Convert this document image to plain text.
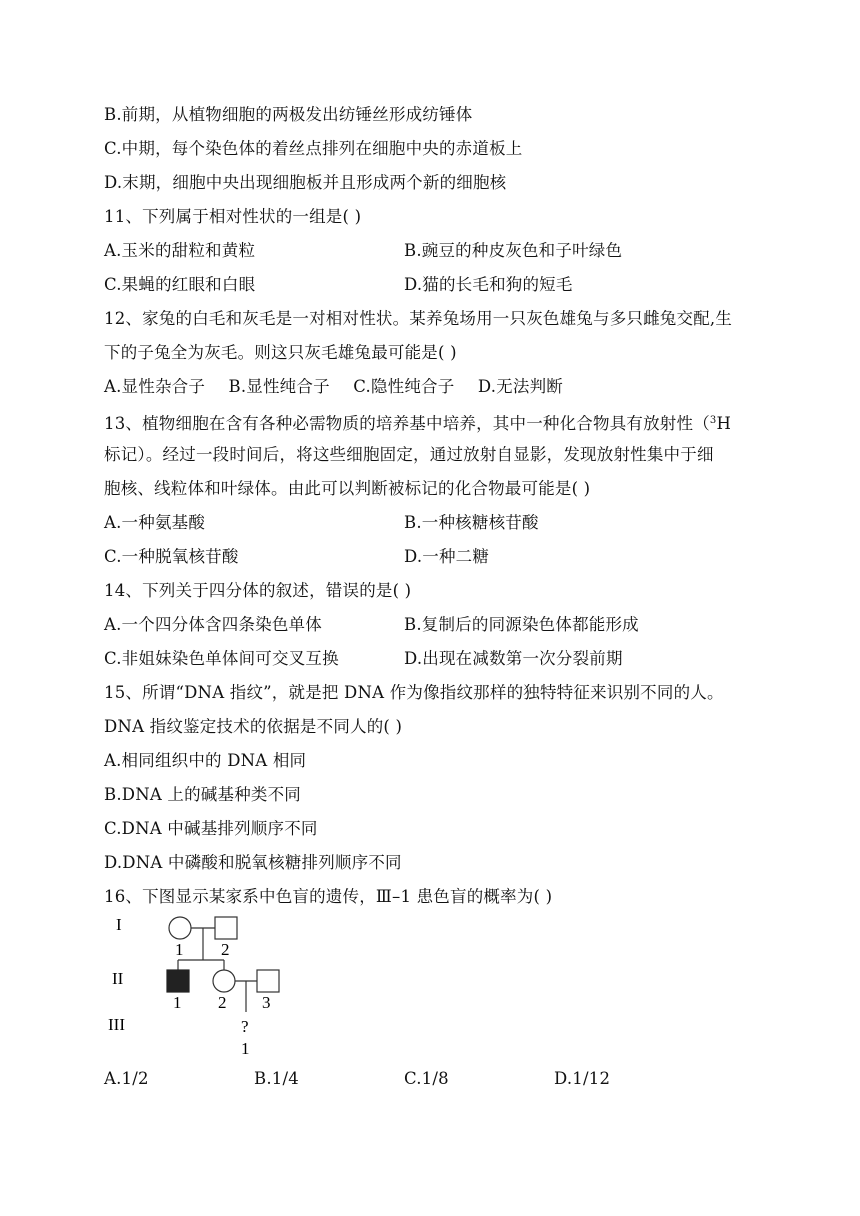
B.前期，从植物细胞的两极发出纺锤丝形成纺锤体
C.中期，每个染色体的着丝点排列在细胞中央的赤道板上
D.末期，细胞中央出现细胞板并且形成两个新的细胞核
11、下列属于相对性状的一组是( )
A.玉米的甜粒和黄粒	B.豌豆的种皮灰色和子叶绿色
C.果蝇的红眼和白眼	D.猫的长毛和狗的短毛
12、家兔的白毛和灰毛是一对相对性状。某养兔场用一只灰色雄兔与多只雌兔交配,生
下的子兔全为灰毛。则这只灰毛雄兔最可能是( )
A.显性杂合子 B.显性纯合子 C.隐性纯合子 D.无法判断
13、植物细胞在含有各种必需物质的培养基中培养，其中一种化合物具有放射性（$^3$H
标记）。经过一段时间后，将这些细胞固定，通过放射自显影，发现放射性集中于细
胞核、线粒体和叶绿体。由此可以判断被标记的化合物最可能是( )
A.一种氨基酸	B.一种核糖核苷酸
C.一种脱氧核苷酸	D.一种二糖
14、下列关于四分体的叙述，错误的是( )
A.一个四分体含四条染色单体	B.复制后的同源染色体都能形成
C.非姐妹染色单体间可交叉互换	D.出现在减数第一次分裂前期
15、所谓“DNA 指纹”，就是把 DNA 作为像指纹那样的独特特征来识别不同的人。
DNA 指纹鉴定技术的依据是不同人的( )
A.相同组织中的 DNA 相同
B.DNA 上的碱基种类不同
C.DNA 中碱基排列顺序不同
D.DNA 中磷酸和脱氧核糖排列顺序不同
16、下图显示某家系中色盲的遗传，Ⅲ–1 患色盲的概率为( )
I
II
III
1 2
1 2 3
?
1
A.1/2	B.1/4	C.1/8	D.1/12
